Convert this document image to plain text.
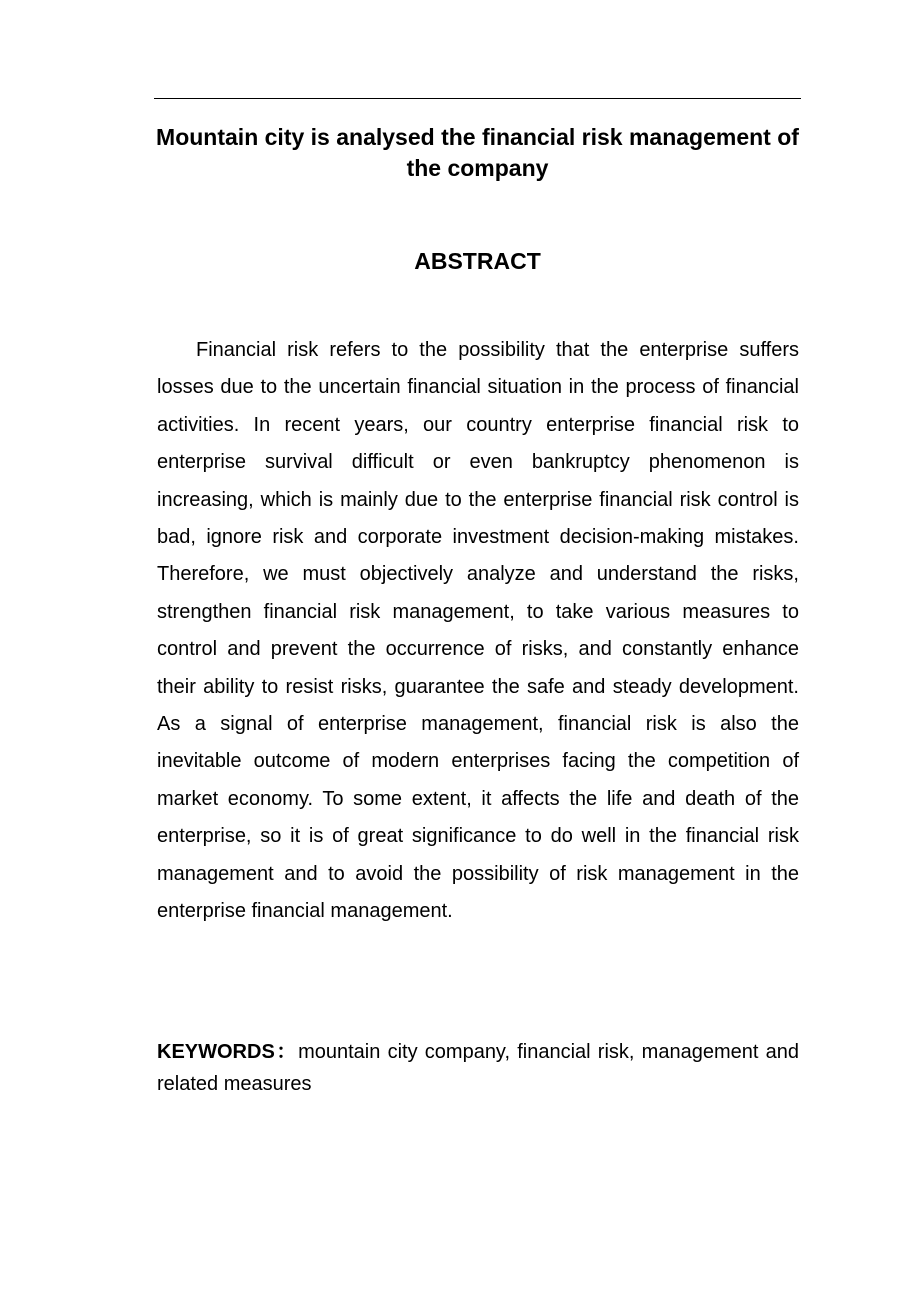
Mountain city is analysed the financial risk management of the company
ABSTRACT

Financial risk refers to the possibility that the enterprise suffers losses due to the uncertain financial situation in the process of financial activities. In recent years, our country enterprise financial risk to enterprise survival difficult or even bankruptcy phenomenon is increasing, which is mainly due to the enterprise financial risk control is bad, ignore risk and corporate investment decision-making mistakes. Therefore, we must objectively analyze and understand the risks, strengthen financial risk management, to take various measures to control and prevent the occurrence of risks, and constantly enhance their ability to resist risks, guarantee the safe and steady development. As a signal of enterprise management, financial risk is also the inevitable outcome of modern enterprises facing the competition of market economy. To some extent, it affects the life and death of the enterprise, so it is of great significance to do well in the financial risk management and to avoid the possibility of risk management in the enterprise financial management.

KEYWORDS：mountain city company, financial risk, management and related measures
